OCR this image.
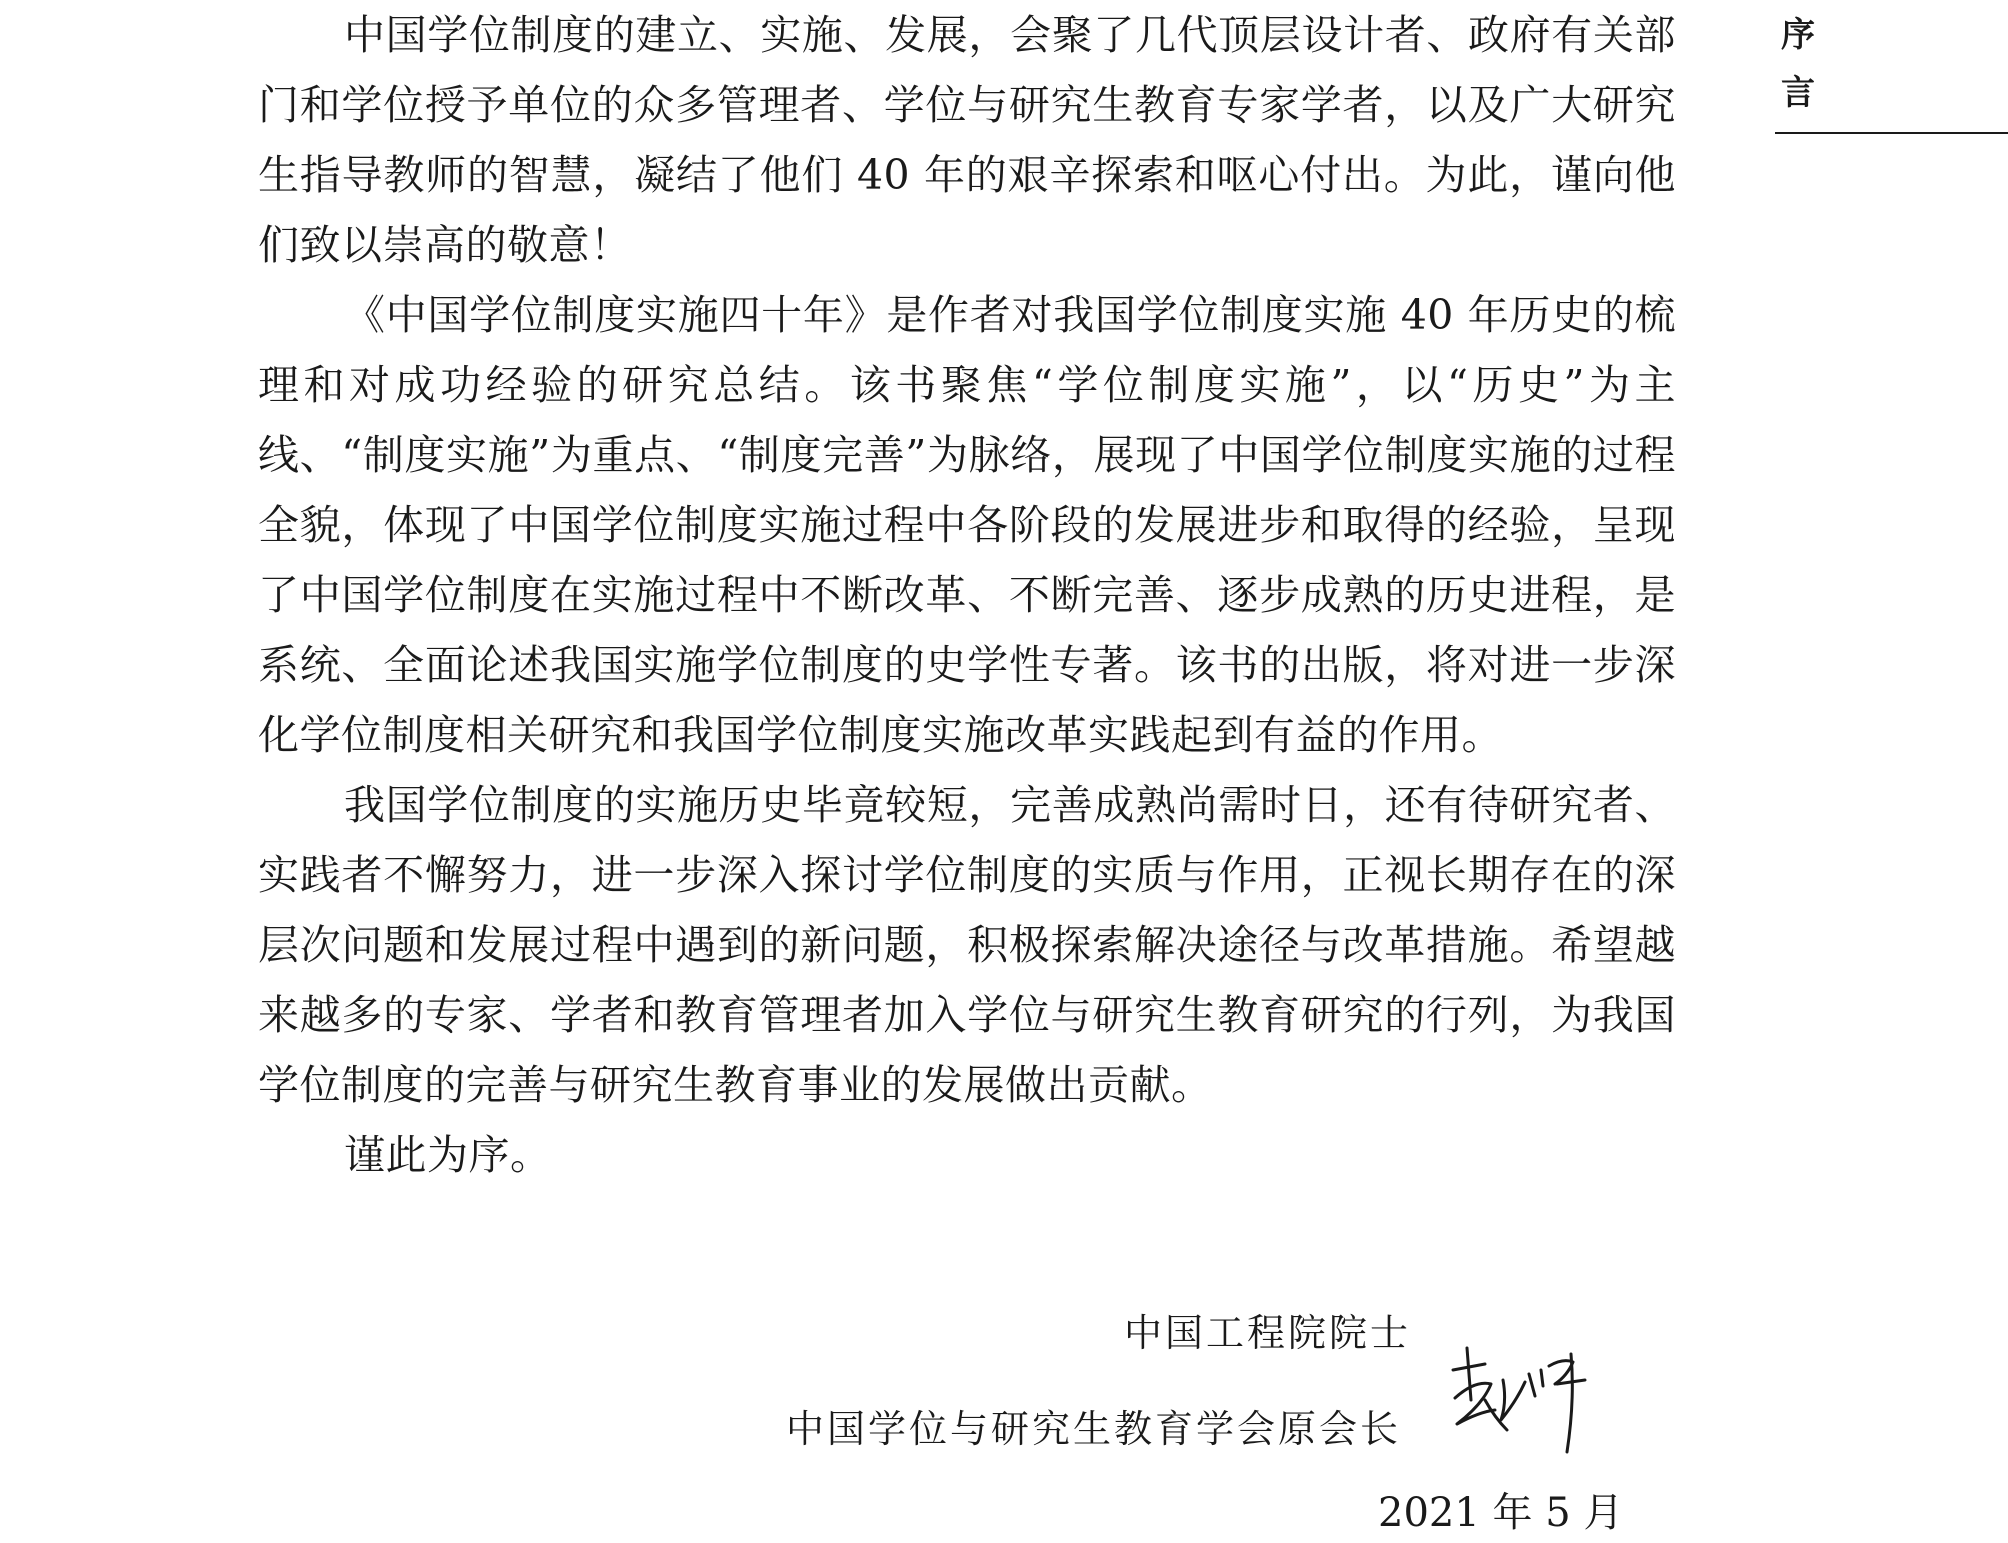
序
言

中国学位制度的建立、实施、发展，会聚了几代顶层设计者、政府有关部门和学位授予单位的众多管理者、学位与研究生教育专家学者，以及广大研究生指导教师的智慧，凝结了他们 40 年的艰辛探索和呕心付出。为此，谨向他们致以崇高的敬意！

《中国学位制度实施四十年》是作者对我国学位制度实施 40 年历史的梳理和对成功经验的研究总结。该书聚焦“学位制度实施”，以“历史”为主线、“制度实施”为重点、“制度完善”为脉络，展现了中国学位制度实施的过程全貌，体现了中国学位制度实施过程中各阶段的发展进步和取得的经验，呈现了中国学位制度在实施过程中不断改革、不断完善、逐步成熟的历史进程，是系统、全面论述我国实施学位制度的史学性专著。该书的出版，将对进一步深化学位制度相关研究和我国学位制度实施改革实践起到有益的作用。

我国学位制度的实施历史毕竟较短，完善成熟尚需时日，还有待研究者、实践者不懈努力，进一步深入探讨学位制度的实质与作用，正视长期存在的深层次问题和发展过程中遇到的新问题，积极探索解决途径与改革措施。希望越来越多的专家、学者和教育管理者加入学位与研究生教育研究的行列，为我国学位制度的完善与研究生教育事业的发展做出贡献。

谨此为序。

中国工程院院士
中国学位与研究生教育学会原会长
2021 年 5 月
